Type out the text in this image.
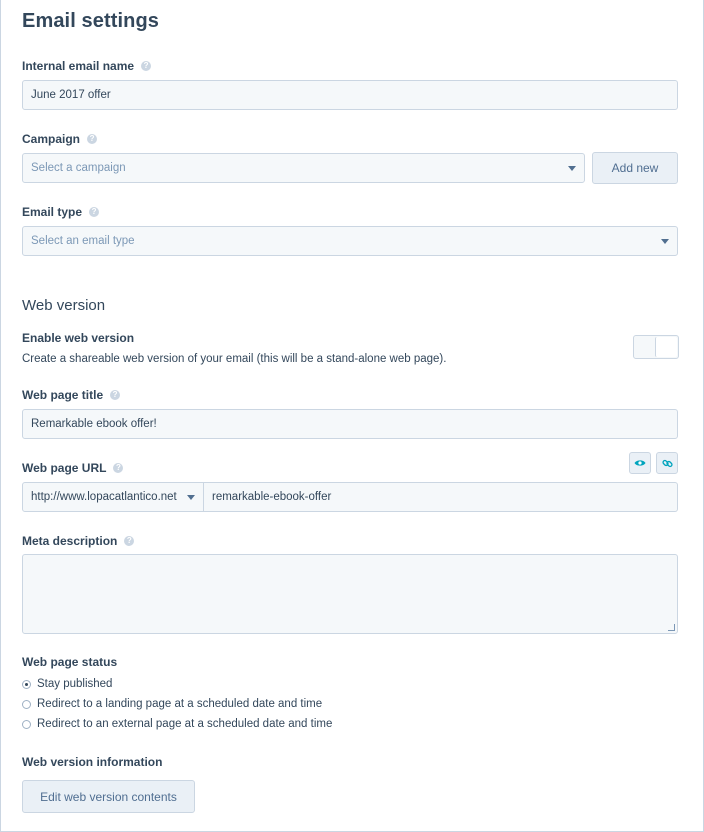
Email settings
Internal email name	?
June 2017 offer
Campaign	?
Select a campaign	Add new
Email type	?
Select an email type
Web version
Enable web version
Create a shareable web version of your email (this will be a stand-alone web page).
Web page title	?
Remarkable ebook offer!
Web page URL	?
http://www.lopacatlantico.net	remarkable-ebook-offer
Meta description	?
Web page status
Stay published
Redirect to a landing page at a scheduled date and time
Redirect to an external page at a scheduled date and time
Web version information
Edit web version contents
